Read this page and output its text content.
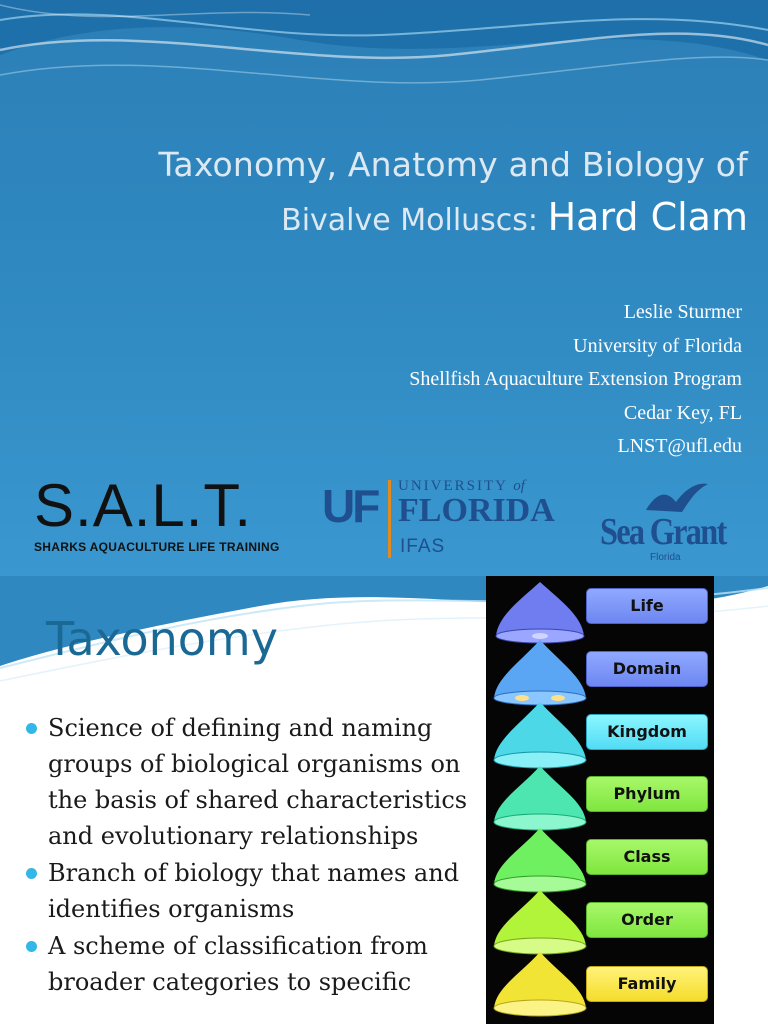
Taxonomy, Anatomy and Biology of
Bivalve Molluscs: Hard Clam
Leslie Sturmer
University of Florida
Shellfish Aquaculture Extension Program
Cedar Key, FL
LNST@ufl.edu
S.A.L.T.
SHARKS AQUACULTURE LIFE TRAINING
UF UNIVERSITY of
FLORIDA
IFAS	Sea Grant
Florida
Taxonomy
Science of defining and naming groups of biological organisms on the basis of shared characteristics and evolutionary relationships
Branch of biology that names and identifies organisms
A scheme of classification from broader categories to specific
Life
Domain
Kingdom
Phylum
Class
Order
Family
